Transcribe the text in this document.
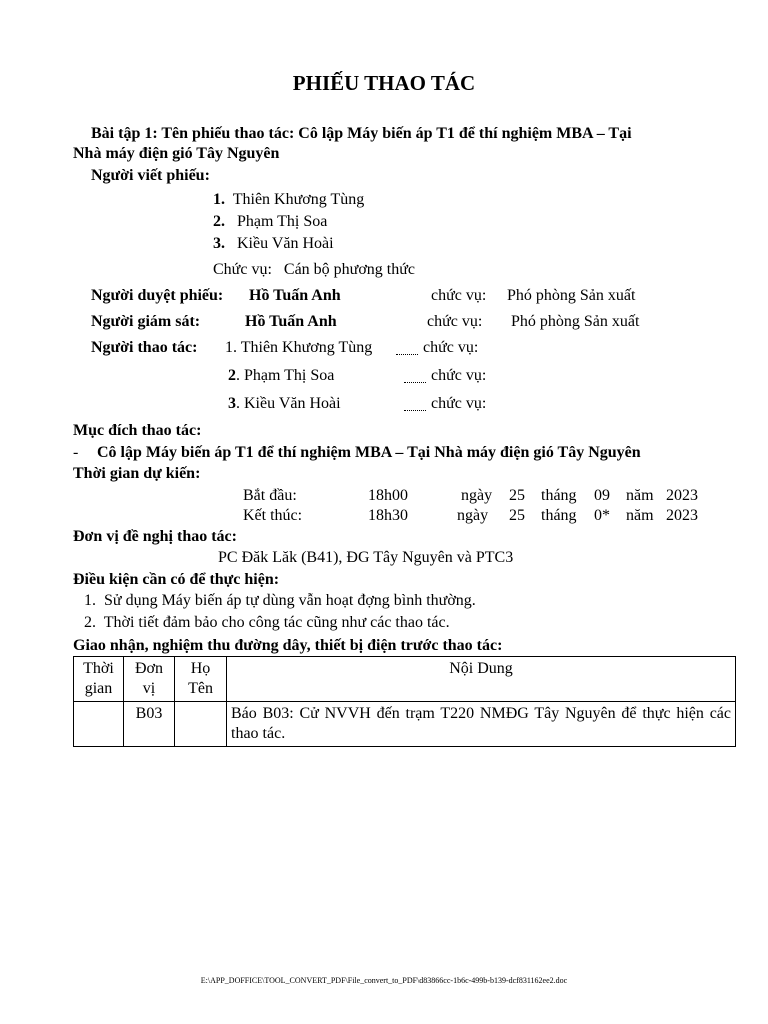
PHIẾU THAO TÁC
Bài tập 1: Tên phiếu thao tác: Cô lập Máy biến áp T1 để thí nghiệm MBA – Tại
Nhà máy điện gió Tây Nguyên
Người viết phiếu:
1. Thiên Khương Tùng
2. Phạm Thị Soa
3. Kiều Văn Hoài
Chức vụ: Cán bộ phương thức
Người duyệt phiếu: Hồ Tuấn Anh	chức vụ: Phó phòng Sản xuất
Người giám sát:	Hồ Tuấn Anh	chức vụ: Phó phòng Sản xuất
Người thao tác: 1. Thiên Khương Tùng	chức vụ:
2. Phạm Thị Soa	chức vụ:
3. Kiều Văn Hoài	chức vụ:
Mục đích thao tác:
- Cô lập Máy biến áp T1 để thí nghiệm MBA – Tại Nhà máy điện gió Tây Nguyên
Thời gian dự kiến:
Bắt đầu:	18h00	ngày 25 tháng 09 năm 2023
Kết thúc:	18h30	ngày 25 tháng 0* năm 2023
Đơn vị đề nghị thao tác:
PC Đăk Lăk (B41), ĐG Tây Nguyên và PTC3
Điều kiện cần có để thực hiện:
1. Sử dụng Máy biến áp tự dùng vẫn hoạt đợng bình thường.
2. Thời tiết đảm bảo cho công tác cũng như các thao tác.
Giao nhận, nghiệm thu đường dây, thiết bị điện trước thao tác:
Thời gian	Đơn vị	Họ Tên	Nội Dung
	B03		Báo B03: Cử NVVH đến trạm T220 NMĐG Tây Nguyên để thực hiện các thao tác.
E:\APP_DOFFICE\TOOL_CONVERT_PDF\File_convert_to_PDF\d83866cc-1b6c-499b-b139-dcf831162ee2.doc
